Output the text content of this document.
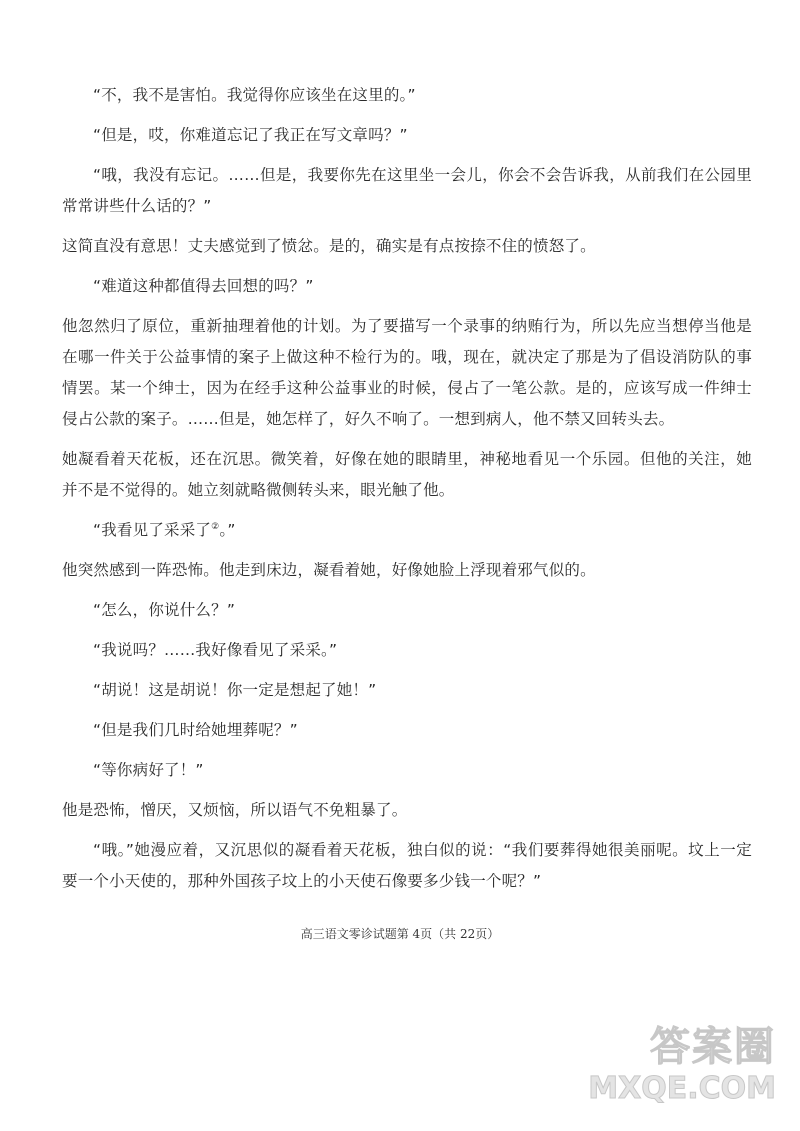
“不，我不是害怕。我觉得你应该坐在这里的。”

“但是，哎，你难道忘记了我正在写文章吗？”

“哦，我没有忘记。……但是，我要你先在这里坐一会儿，你会不会告诉我，从前我们在公园里常常讲些什么话的？”

这简直没有意思！丈夫感觉到了愤忿。是的，确实是有点按捺不住的愤怒了。

“难道这种都值得去回想的吗？”

他忽然归了原位，重新抽理着他的计划。为了要描写一个录事的纳贿行为，所以先应当想停当他是在哪一件关于公益事情的案子上做这种不检行为的。哦，现在，就决定了那是为了倡设消防队的事情罢。某一个绅士，因为在经手这种公益事业的时候，侵占了一笔公款。是的，应该写成一件绅士侵占公款的案子。……但是，她怎样了，好久不响了。一想到病人，他不禁又回转头去。

她凝看着天花板，还在沉思。微笑着，好像在她的眼睛里，神秘地看见一个乐园。但他的关注，她并不是不觉得的。她立刻就略微侧转头来，眼光触了他。

“我看见了采采了②。”

他突然感到一阵恐怖。他走到床边，凝看着她，好像她脸上浮现着邪气似的。

“怎么，你说什么？”

“我说吗？……我好像看见了采采。”

“胡说！这是胡说！你一定是想起了她！”

“但是我们几时给她埋葬呢？”

“等你病好了！”

他是恐怖，憎厌，又烦恼，所以语气不免粗暴了。

“哦。”她漫应着，又沉思似的凝看着天花板，独白似的说：“我们要葬得她很美丽呢。坟上一定要一个小天使的，那种外国孩子坟上的小天使石像要多少钱一个呢？”

高三语文零诊试题第 4页（共 22页）
答案圈
MXQE.COM
